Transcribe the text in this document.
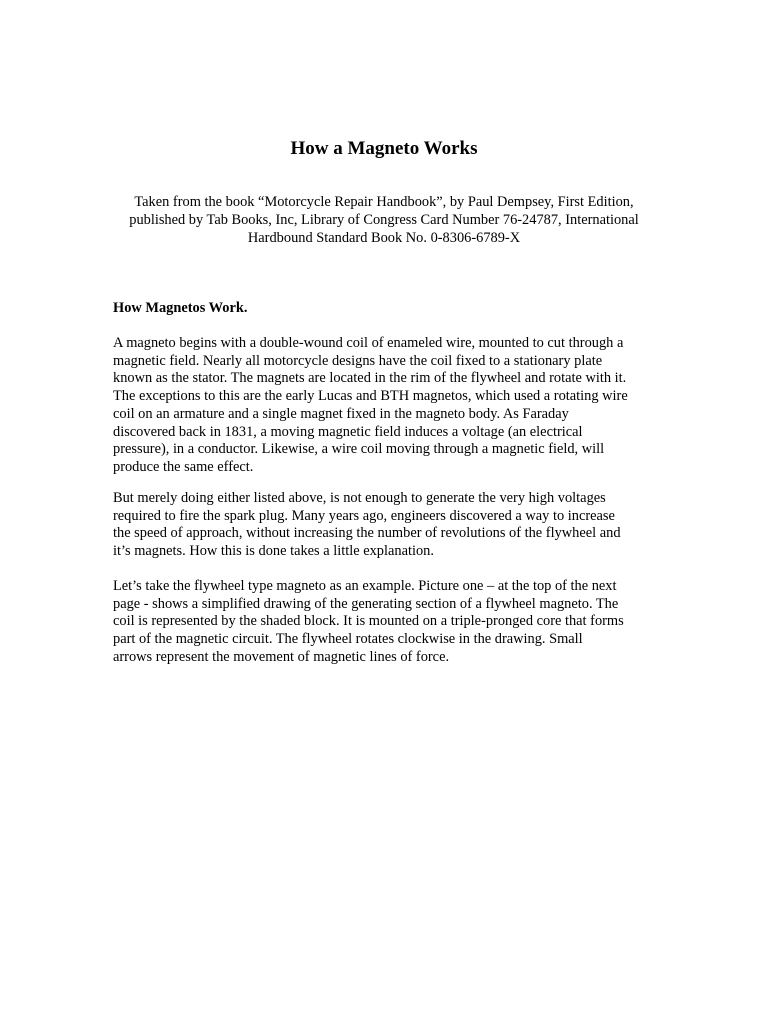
How a Magneto Works
Taken from the book “Motorcycle Repair Handbook”, by Paul Dempsey, First Edition,
published by Tab Books, Inc, Library of Congress Card Number 76-24787, International
Hardbound Standard Book No. 0-8306-6789-X
How Magnetos Work.
A magneto begins with a double-wound coil of enameled wire, mounted to cut through a
magnetic field. Nearly all motorcycle designs have the coil fixed to a stationary plate
known as the stator. The magnets are located in the rim of the flywheel and rotate with it.
The exceptions to this are the early Lucas and BTH magnetos, which used a rotating wire
coil on an armature and a single magnet fixed in the magneto body. As Faraday
discovered back in 1831, a moving magnetic field induces a voltage (an electrical
pressure), in a conductor. Likewise, a wire coil moving through a magnetic field, will
produce the same effect.
But merely doing either listed above, is not enough to generate the very high voltages
required to fire the spark plug. Many years ago, engineers discovered a way to increase
the speed of approach, without increasing the number of revolutions of the flywheel and
it’s magnets. How this is done takes a little explanation.
Let’s take the flywheel type magneto as an example. Picture one – at the top of the next
page - shows a simplified drawing of the generating section of a flywheel magneto. The
coil is represented by the shaded block. It is mounted on a triple-pronged core that forms
part of the magnetic circuit. The flywheel rotates clockwise in the drawing. Small
arrows represent the movement of magnetic lines of force.
